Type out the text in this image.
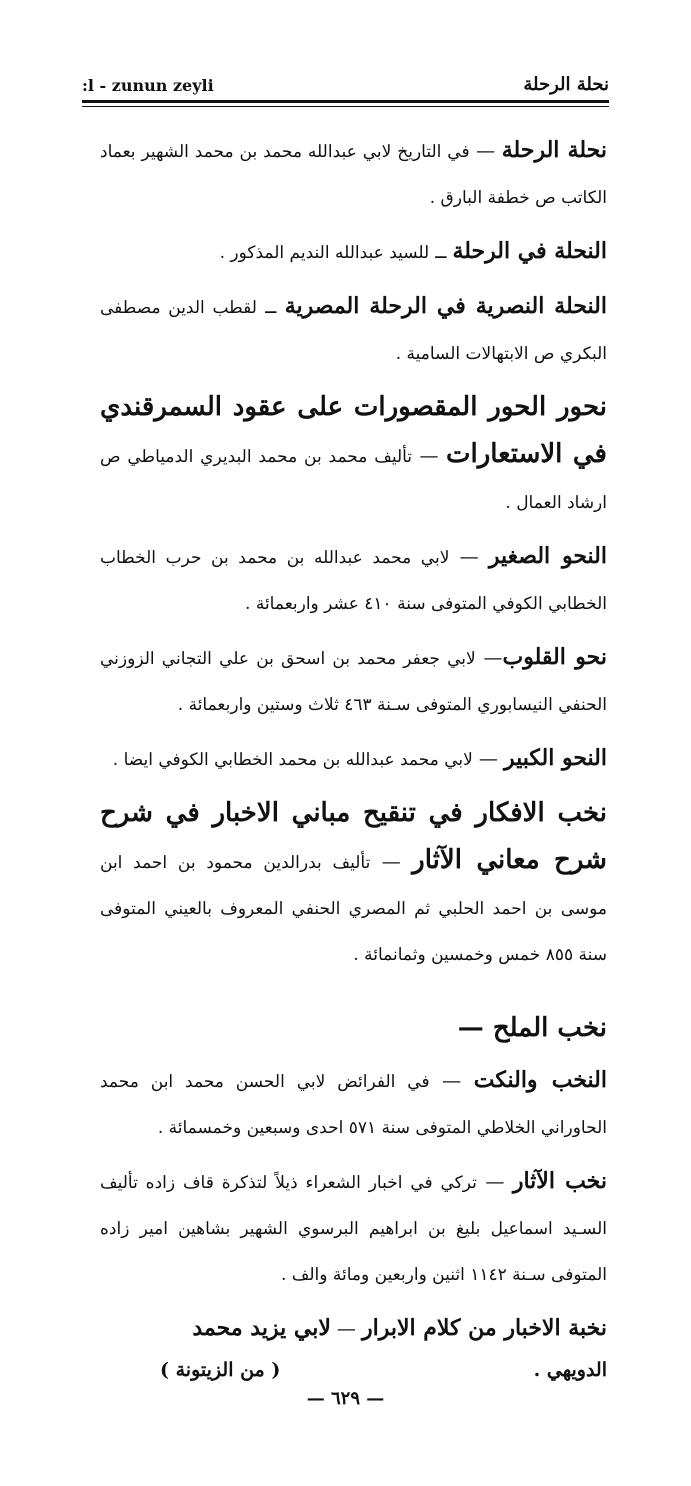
:l - zunun zeyli	نحلة الرحلة

نحلة الرحلة — في التاريخ لابي عبدالله محمد بن محمد الشهير بعماد الكاتب ص خطفة البارق .

النحلة في الرحلة ــ للسيد عبدالله النديم المذكور .

النحلة النصرية في الرحلة المصرية ــ لقطب الدين مصطفى البكري ص الابتهالات السامية .

نحور الحور المقصورات على عقود السمرقندي في الاستعارات — تأليف محمد بن محمد البديري الدمياطي ص ارشاد العمال .

النحو الصغير — لابي محمد عبدالله بن محمد بن حرب الخطاب الخطابي الكوفي المتوفى سنة ٤١٠ عشر واربعمائة .

نحو القلوب— لابي جعفر محمد بن اسحق بن علي التجاني الزوزني الحنفي النيسابوري المتوفى سـنة ٤٦٣ ثلاث وستين واربعمائة .

النحو الكبير — لابي محمد عبدالله بن محمد الخطابي الكوفي ايضا .

نخب الافكار في تنقيح مباني الاخبار في شرح شرح معاني الآثار — تأليف بدرالدين محمود بن احمد ابن موسى بن احمد الحلبي ثم المصري الحنفي المعروف بالعيني المتوفى سنة ٨٥٥ خمس وخمسين وثمانمائة .

نخب الملح —

النخب والنكت — في الفرائض لابي الحسن محمد ابن محمد الحاوراني الخلاطي المتوفى سنة ٥٧١ احدى وسبعين وخمسمائة .

نخب الآثار — تركي في اخبار الشعراء ذيلاً لتذكرة قاف زاده تأليف السـيد اسماعيل بليغ بن ابراهيم البرسوي الشهير بشاهين امير زاده المتوفى سـنة ١١٤٢ اثنين واربعين ومائة والف .

نخبة الاخبار من كلام الابرار — لابي يزيد محمد

الدويهي .
( من الزيتونة )
— ٦٢٩ —
